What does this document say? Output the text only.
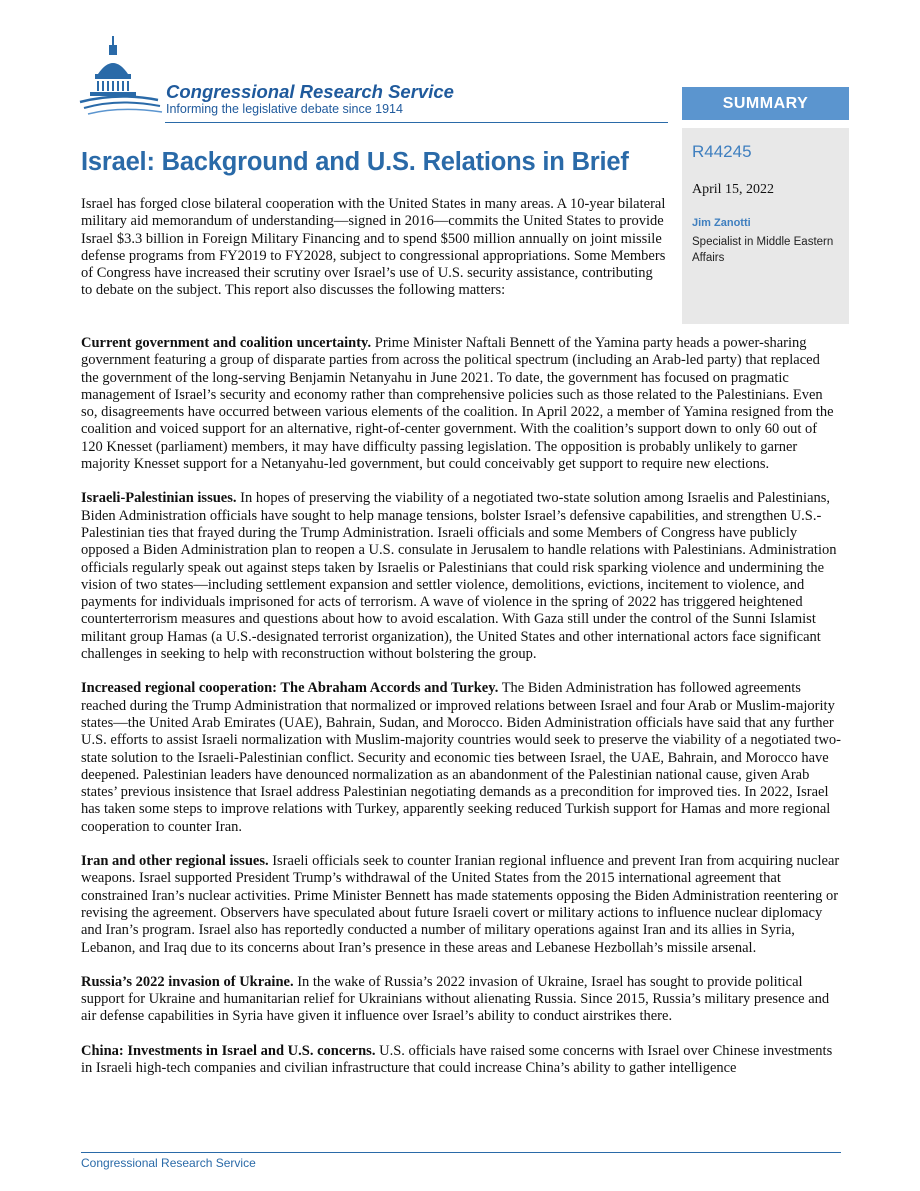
Congressional Research Service
Informing the legislative debate since 1914	SUMMARY
R44245
April 15, 2022
Jim Zanotti
Specialist in Middle Eastern Affairs
Israel: Background and U.S. Relations in Brief

Israel has forged close bilateral cooperation with the United States in many areas. A 10-year bilateral military aid memorandum of understanding—signed in 2016—commits the United States to provide Israel $3.3 billion in Foreign Military Financing and to spend $500 million annually on joint missile defense programs from FY2019 to FY2028, subject to congressional appropriations. Some Members of Congress have increased their scrutiny over Israel’s use of U.S. security assistance, contributing to debate on the subject. This report also discusses the following matters:

Current government and coalition uncertainty. Prime Minister Naftali Bennett of the Yamina party heads a power-sharing government featuring a group of disparate parties from across the political spectrum (including an Arab-led party) that replaced the government of the long-serving Benjamin Netanyahu in June 2021. To date, the government has focused on pragmatic management of Israel’s security and economy rather than comprehensive policies such as those related to the Palestinians. Even so, disagreements have occurred between various elements of the coalition. In April 2022, a member of Yamina resigned from the coalition and voiced support for an alternative, right-of-center government. With the coalition’s support down to only 60 out of 120 Knesset (parliament) members, it may have difficulty passing legislation. The opposition is probably unlikely to garner majority Knesset support for a Netanyahu-led government, but could conceivably get support to require new elections.

Israeli-Palestinian issues. In hopes of preserving the viability of a negotiated two-state solution among Israelis and Palestinians, Biden Administration officials have sought to help manage tensions, bolster Israel’s defensive capabilities, and strengthen U.S.-Palestinian ties that frayed during the Trump Administration. Israeli officials and some Members of Congress have publicly opposed a Biden Administration plan to reopen a U.S. consulate in Jerusalem to handle relations with Palestinians. Administration officials regularly speak out against steps taken by Israelis or Palestinians that could risk sparking violence and undermining the vision of two states—including settlement expansion and settler violence, demolitions, evictions, incitement to violence, and payments for individuals imprisoned for acts of terrorism. A wave of violence in the spring of 2022 has triggered heightened counterterrorism measures and questions about how to avoid escalation. With Gaza still under the control of the Sunni Islamist militant group Hamas (a U.S.-designated terrorist organization), the United States and other international actors face significant challenges in seeking to help with reconstruction without bolstering the group.

Increased regional cooperation: The Abraham Accords and Turkey. The Biden Administration has followed agreements reached during the Trump Administration that normalized or improved relations between Israel and four Arab or Muslim-majority states—the United Arab Emirates (UAE), Bahrain, Sudan, and Morocco. Biden Administration officials have said that any further U.S. efforts to assist Israeli normalization with Muslim-majority countries would seek to preserve the viability of a negotiated two-state solution to the Israeli-Palestinian conflict. Security and economic ties between Israel, the UAE, Bahrain, and Morocco have deepened. Palestinian leaders have denounced normalization as an abandonment of the Palestinian national cause, given Arab states’ previous insistence that Israel address Palestinian negotiating demands as a precondition for improved ties. In 2022, Israel has taken some steps to improve relations with Turkey, apparently seeking reduced Turkish support for Hamas and more regional cooperation to counter Iran.

Iran and other regional issues. Israeli officials seek to counter Iranian regional influence and prevent Iran from acquiring nuclear weapons. Israel supported President Trump’s withdrawal of the United States from the 2015 international agreement that constrained Iran’s nuclear activities. Prime Minister Bennett has made statements opposing the Biden Administration reentering or revising the agreement. Observers have speculated about future Israeli covert or military actions to influence nuclear diplomacy and Iran’s program. Israel also has reportedly conducted a number of military operations against Iran and its allies in Syria, Lebanon, and Iraq due to its concerns about Iran’s presence in these areas and Lebanese Hezbollah’s missile arsenal.

Russia’s 2022 invasion of Ukraine. In the wake of Russia’s 2022 invasion of Ukraine, Israel has sought to provide political support for Ukraine and humanitarian relief for Ukrainians without alienating Russia. Since 2015, Russia’s military presence and air defense capabilities in Syria have given it influence over Israel’s ability to conduct airstrikes there.

China: Investments in Israel and U.S. concerns. U.S. officials have raised some concerns with Israel over Chinese investments in Israeli high-tech companies and civilian infrastructure that could increase China’s ability to gather intelligence

Congressional Research Service
